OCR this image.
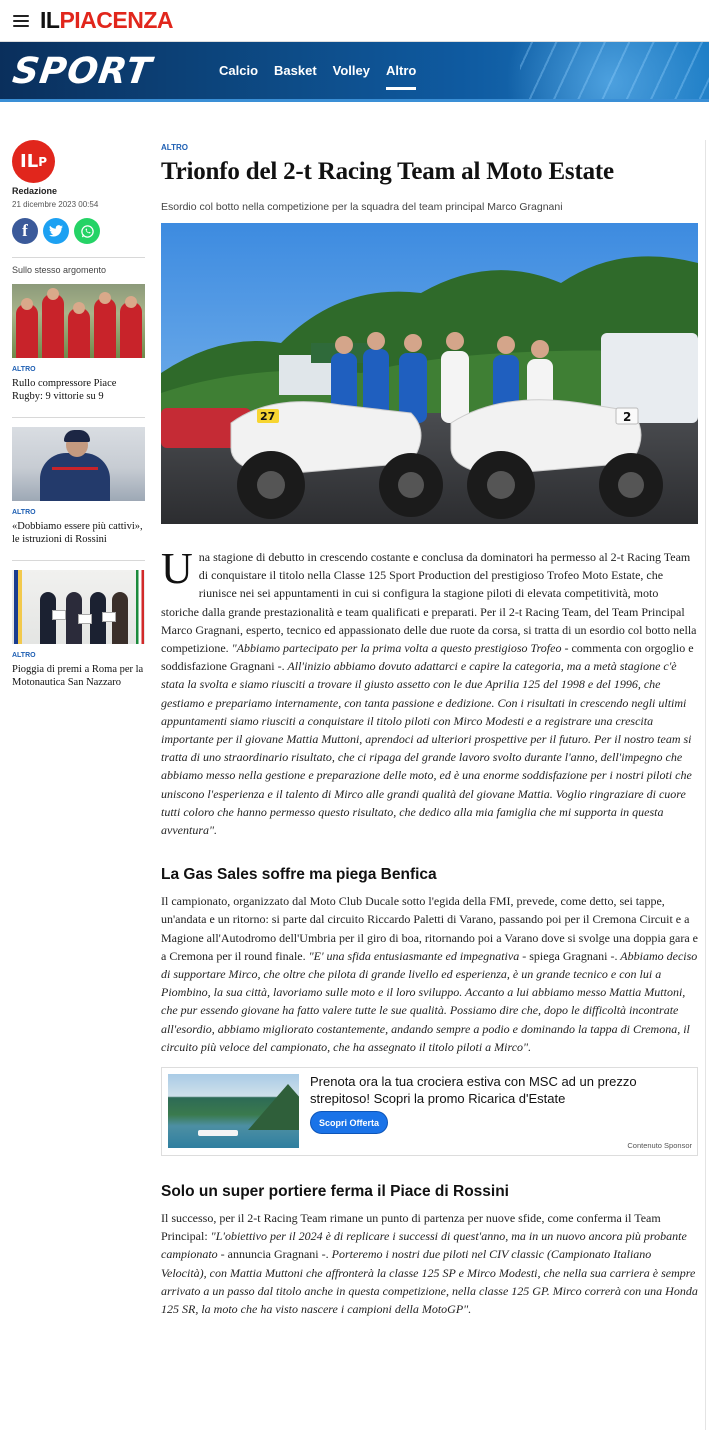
ILPIACENZA
SPORT	Calcio Basket Volley Altro
IL P
Redazione
21 dicembre 2023 00:54
f
Sullo stesso argomento
ALTRO
Rullo compressore Piace Rugby: 9 vittorie su 9
ALTRO
«Dobbiamo essere più cattivi», le istruzioni di Rossini
ALTRO
Pioggia di premi a Roma per la Motonautica San Nazzaro
ALTRO
Trionfo del 2-t Racing Team al Moto Estate
Esordio col botto nella competizione per la squadra del team principal Marco Gragnani
27	2

Una stagione di debutto in crescendo costante e conclusa da dominatori ha permesso al 2-t Racing Team di conquistare il titolo nella Classe 125 Sport Production del prestigioso Trofeo Moto Estate, che riunisce nei sei appuntamenti in cui si configura la stagione piloti di elevata competitività, moto storiche dalla grande prestazionalità e team qualificati e preparati. Per il 2-t Racing Team, del Team Principal Marco Gragnani, esperto, tecnico ed appassionato delle due ruote da corsa, si tratta di un esordio col botto nella competizione. "Abbiamo partecipato per la prima volta a questo prestigioso Trofeo - commenta con orgoglio e soddisfazione Gragnani -. All'inizio abbiamo dovuto adattarci e capire la categoria, ma a metà stagione c'è stata la svolta e siamo riusciti a trovare il giusto assetto con le due Aprilia 125 del 1998 e del 1996, che gestiamo e prepariamo internamente, con tanta passione e dedizione. Con i risultati in crescendo negli ultimi appuntamenti siamo riusciti a conquistare il titolo piloti con Mirco Modesti e a registrare una crescita importante per il giovane Mattia Muttoni, aprendoci ad ulteriori prospettive per il futuro. Per il nostro team si tratta di uno straordinario risultato, che ci ripaga del grande lavoro svolto durante l'anno, dell'impegno che abbiamo messo nella gestione e preparazione delle moto, ed è una enorme soddisfazione per i nostri piloti che uniscono l'esperienza e il talento di Mirco alle grandi qualità del giovane Mattia. Voglio ringraziare di cuore tutti coloro che hanno permesso questo risultato, che dedico alla mia famiglia che mi supporta in questa avventura".

La Gas Sales soffre ma piega Benfica

Il campionato, organizzato dal Moto Club Ducale sotto l'egida della FMI, prevede, come detto, sei tappe, un'andata e un ritorno: si parte dal circuito Riccardo Paletti di Varano, passando poi per il Cremona Circuit e a Magione all'Autodromo dell'Umbria per il giro di boa, ritornando poi a Varano dove si svolge una doppia gara e a Cremona per il round finale. "E' una sfida entusiasmante ed impegnativa - spiega Gragnani -. Abbiamo deciso di supportare Mirco, che oltre che pilota di grande livello ed esperienza, è un grande tecnico e con lui a Piombino, la sua città, lavoriamo sulle moto e il loro sviluppo. Accanto a lui abbiamo messo Mattia Muttoni, che pur essendo giovane ha fatto valere tutte le sue qualità. Possiamo dire che, dopo le difficoltà incontrate all'esordio, abbiamo migliorato costantemente, andando sempre a podio e dominando la tappa di Cremona, il circuito più veloce del campionato, che ha assegnato il titolo piloti a Mirco".

Prenota ora la tua crociera estiva con MSC ad un prezzo strepitoso! Scopri la promo Ricarica d'Estate
Scopri Offerta
Contenuto Sponsor
Solo un super portiere ferma il Piace di Rossini

Il successo, per il 2-t Racing Team rimane un punto di partenza per nuove sfide, come conferma il Team Principal: "L'obiettivo per il 2024 è di replicare i successi di quest'anno, ma in un nuovo ancora più probante campionato - annuncia Gragnani -. Porteremo i nostri due piloti nel CIV classic (Campionato Italiano Velocità), con Mattia Muttoni che affronterà la classe 125 SP e Mirco Modesti, che nella sua carriera è sempre arrivato a un passo dal titolo anche in questa competizione, nella classe 125 GP. Mirco correrà con una Honda 125 SR, la moto che ha visto nascere i campioni della MotoGP".
